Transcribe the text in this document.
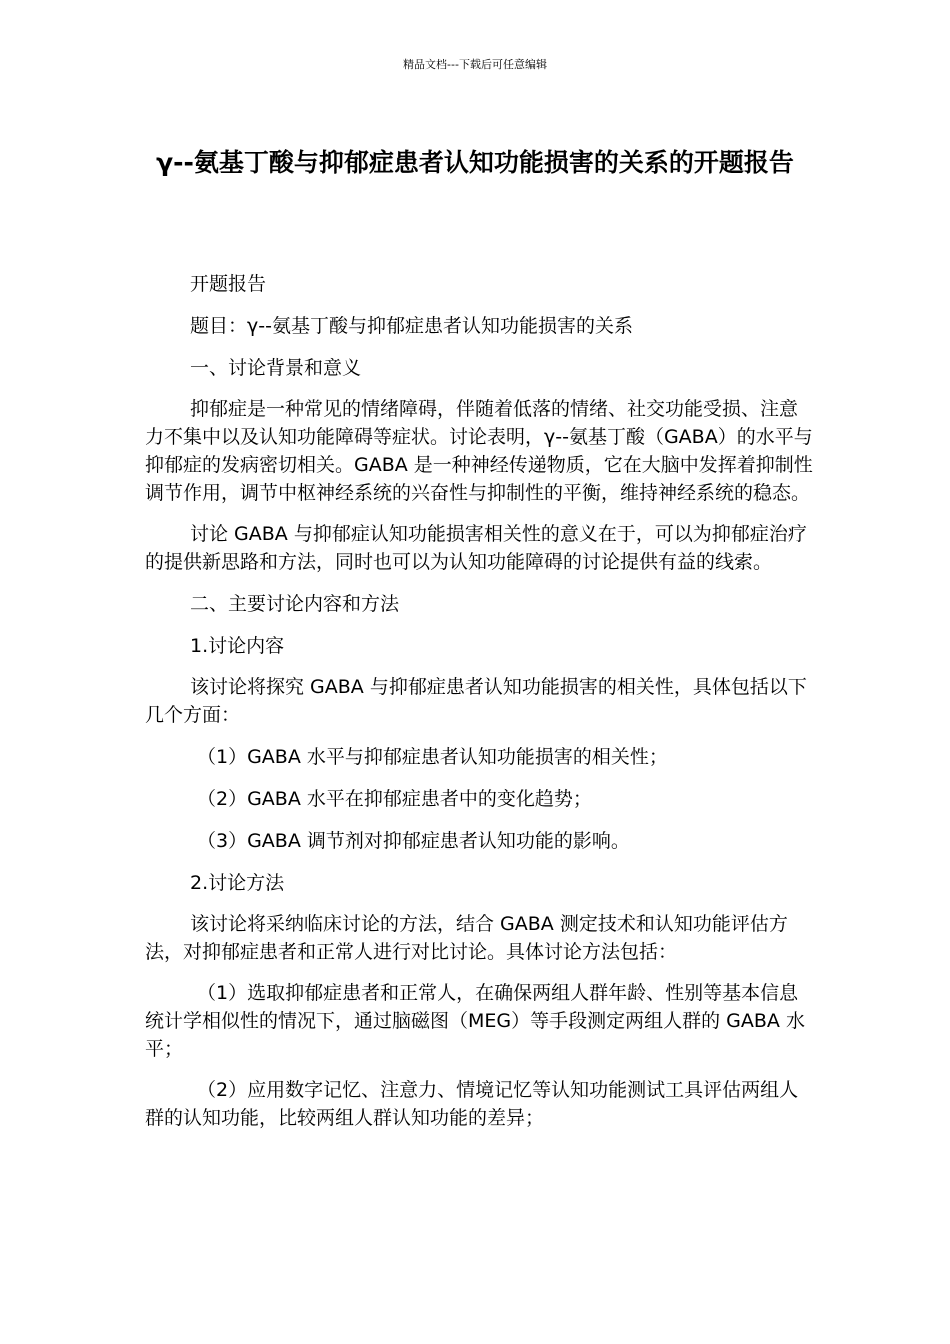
精品文档---下载后可任意编辑
γ--氨基丁酸与抑郁症患者认知功能损害的关系的开题报告

开题报告

题目：γ--氨基丁酸与抑郁症患者认知功能损害的关系

一、讨论背景和意义

抑郁症是一种常见的情绪障碍，伴随着低落的情绪、社交功能受损、注意力不集中以及认知功能障碍等症状。讨论表明，γ--氨基丁酸（GABA）的水平与抑郁症的发病密切相关。GABA 是一种神经传递物质，它在大脑中发挥着抑制性调节作用，调节中枢神经系统的兴奋性与抑制性的平衡，维持神经系统的稳态。

讨论 GABA 与抑郁症认知功能损害相关性的意义在于，可以为抑郁症治疗的提供新思路和方法，同时也可以为认知功能障碍的讨论提供有益的线索。

二、主要讨论内容和方法

1.讨论内容

该讨论将探究 GABA 与抑郁症患者认知功能损害的相关性，具体包括以下几个方面：

（1）GABA 水平与抑郁症患者认知功能损害的相关性；

（2）GABA 水平在抑郁症患者中的变化趋势；

（3）GABA 调节剂对抑郁症患者认知功能的影响。

2.讨论方法

该讨论将采纳临床讨论的方法，结合 GABA 测定技术和认知功能评估方法，对抑郁症患者和正常人进行对比讨论。具体讨论方法包括：

（1）选取抑郁症患者和正常人，在确保两组人群年龄、性别等基本信息统计学相似性的情况下，通过脑磁图（MEG）等手段测定两组人群的 GABA 水平；

（2）应用数字记忆、注意力、情境记忆等认知功能测试工具评估两组人群的认知功能，比较两组人群认知功能的差异；
